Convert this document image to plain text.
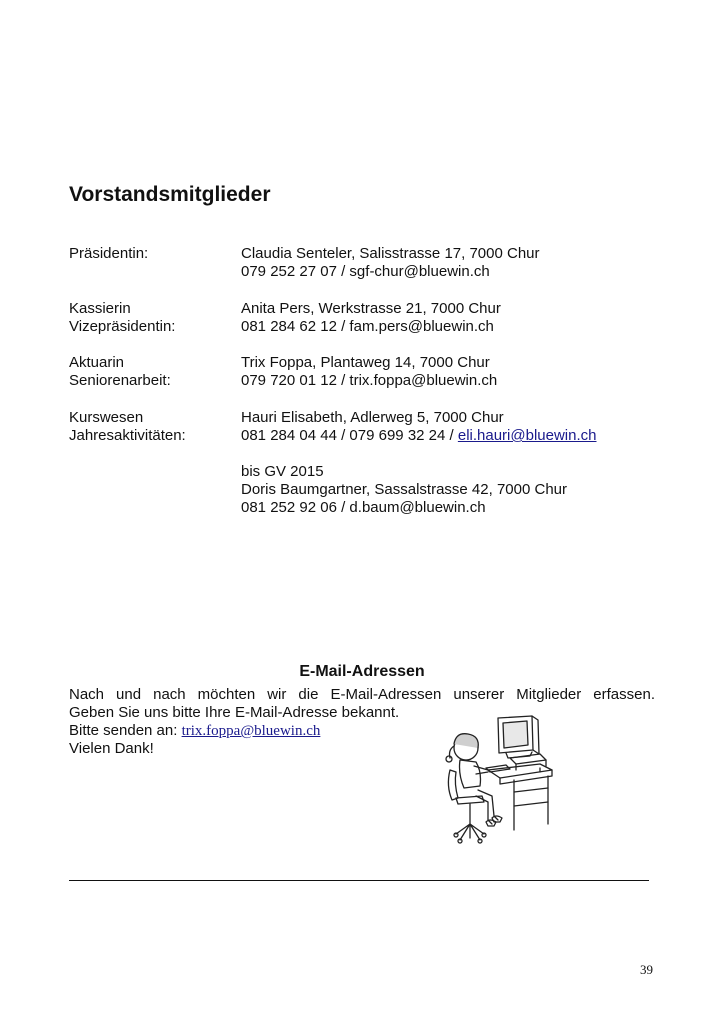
Vorstandsmitglieder
Präsidentin:	Claudia Senteler, Salisstrasse 17, 7000 Chur
079 252 27 07 / sgf-chur@bluewin.ch
Kassierin
Vizepräsidentin:
Anita Pers, Werkstrasse 21, 7000 Chur
081 284 62 12 / fam.pers@bluewin.ch
Aktuarin
Seniorenarbeit:
Trix Foppa, Plantaweg 14, 7000 Chur
079 720 01 12 / trix.foppa@bluewin.ch
Kurswesen
Jahresaktivitäten:
Hauri Elisabeth, Adlerweg 5, 7000 Chur
081 284 04 44 / 079 699 32 24 / eli.hauri@bluewin.ch
bis GV 2015
Doris Baumgartner, Sassalstrasse 42, 7000 Chur
081 252 92 06 / d.baum@bluewin.ch
E-Mail-Adressen
Nach und nach möchten wir die E-Mail-Adressen unserer Mitglieder erfassen.
Geben Sie uns bitte Ihre E-Mail-Adresse bekannt.
Bitte senden an: trix.foppa@bluewin.ch
Vielen Dank!
39
